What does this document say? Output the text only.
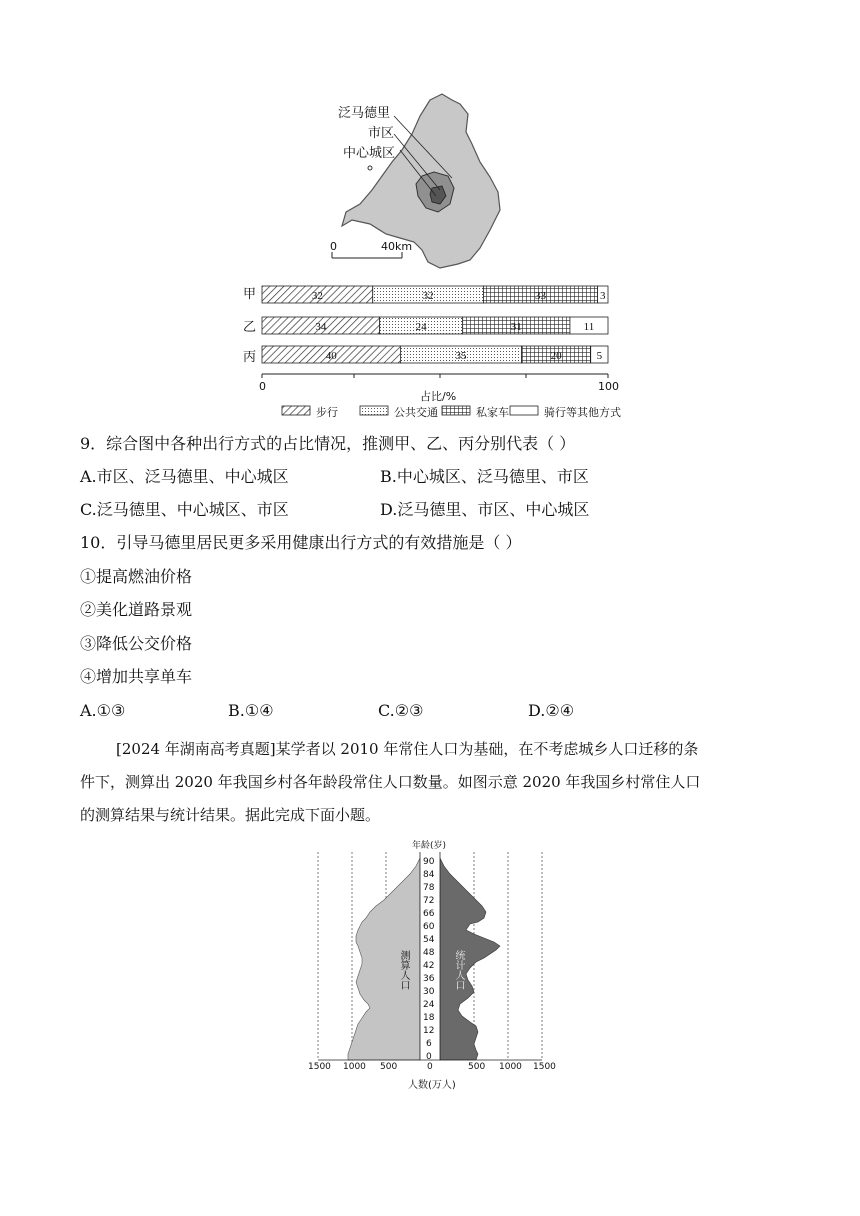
泛马德里
市区
中心城区
0	40km
32	32	33	3
34	24	31	11
40	35	20	5
甲
乙
丙
0	100
占比/%
步行	公共交通	私家车	骑行等其他方式
9．综合图中各种出行方式的占比情况，推测甲、乙、丙分别代表（ ）
A.市区、泛马德里、中心城区	B.中心城区、泛马德里、市区
C.泛马德里、中心城区、市区	D.泛马德里、市区、中心城区
10．引导马德里居民更多采用健康出行方式的有效措施是（ ）
①提高燃油价格
②美化道路景观
③降低公交价格
④增加共享单车
A.①③	B.①④	C.②③	D.②④
[2024 年湖南高考真题]某学者以 2010 年常住人口为基础，在不考虑城乡人口迁移的条
件下，测算出 2020 年我国乡村各年龄段常住人口数量。如图示意 2020 年我国乡村常住人口
的测算结果与统计结果。据此完成下面小题。
年龄(岁)
90
84
78
72
66
60
54
48
42
36
30
24
18
12
6
0
测算人口	统计人口
1500 1000 500	0	500 1000 1500
人数(万人)
